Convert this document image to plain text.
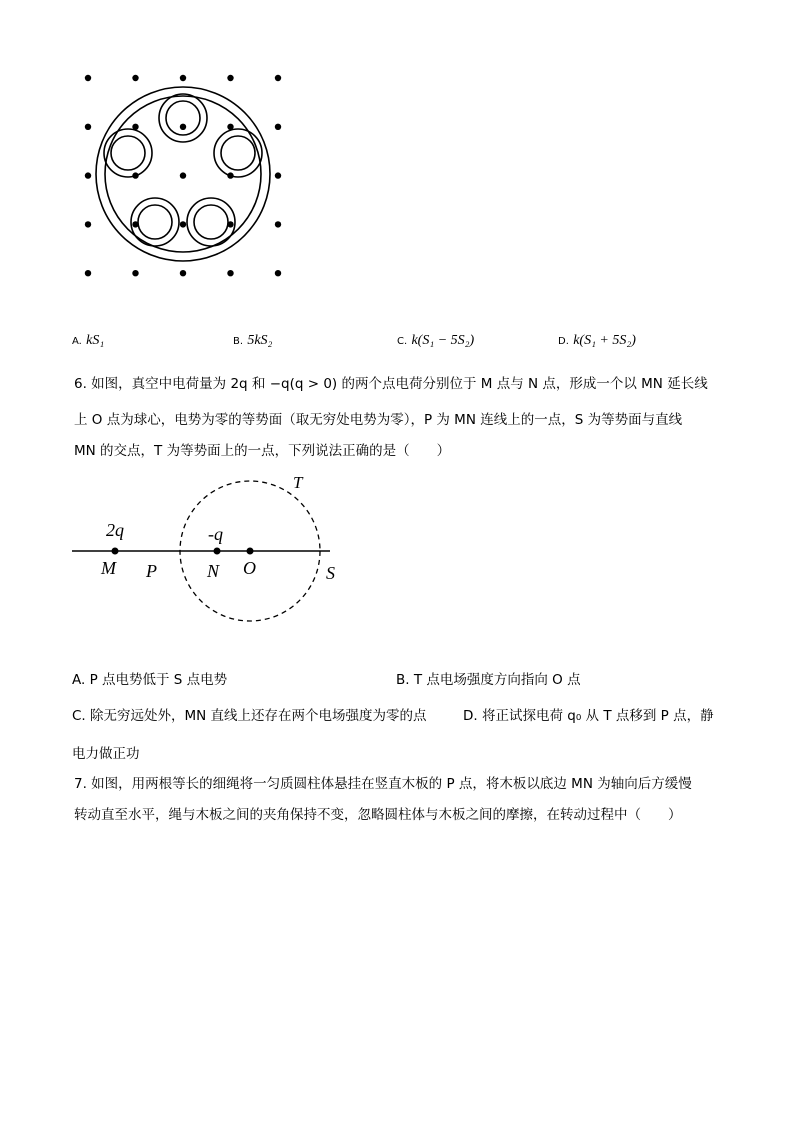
A. kS₁	B. 5kS₂	C. k(S₁ − 5S₂)	D. k(S₁ + 5S₂)
6. 如图，真空中电荷量为 2q 和 −q(q > 0) 的两个点电荷分别位于 M 点与 N 点，形成一个以 MN 延长线
上 O 点为球心，电势为零的等势面（取无穷处电势为零），P 为 MN 连线上的一点，S 为等势面与直线
MN 的交点，T 为等势面上的一点，下列说法正确的是（　　）
T
2q	-q
M P	N O	S
A. P 点电势低于 S 点电势	B. T 点电场强度方向指向 O 点
C. 除无穷远处外，MN 直线上还存在两个电场强度为零的点	D. 将正试探电荷 q₀ 从 T 点移到 P 点，静
电力做正功
7. 如图，用两根等长的细绳将一匀质圆柱体悬挂在竖直木板的 P 点，将木板以底边 MN 为轴向后方缓慢
转动直至水平，绳与木板之间的夹角保持不变，忽略圆柱体与木板之间的摩擦，在转动过程中（　　）
